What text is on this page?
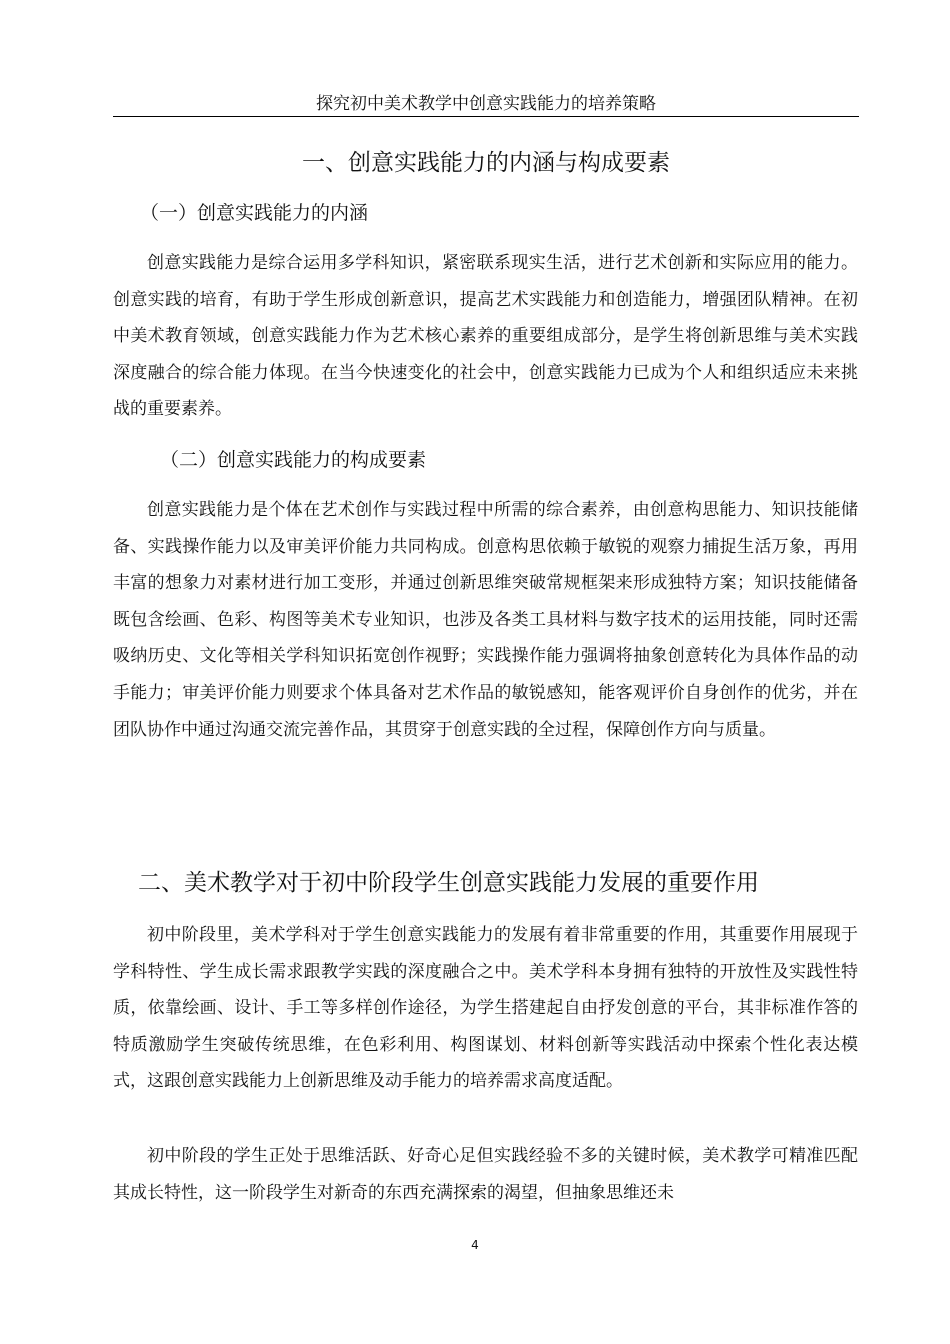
探究初中美术教学中创意实践能力的培养策略
一、创意实践能力的内涵与构成要素
（一）创意实践能力的内涵

创意实践能力是综合运用多学科知识，紧密联系现实生活，进行艺术创新和实际应用的能力。创意实践的培育，有助于学生形成创新意识，提高艺术实践能力和创造能力，增强团队精神。在初中美术教育领域，创意实践能力作为艺术核心素养的重要组成部分，是学生将创新思维与美术实践深度融合的综合能力体现。在当今快速变化的社会中，创意实践能力已成为个人和组织适应未来挑战的重要素养。

（二）创意实践能力的构成要素

创意实践能力是个体在艺术创作与实践过程中所需的综合素养，由创意构思能力、知识技能储备、实践操作能力以及审美评价能力共同构成。创意构思依赖于敏锐的观察力捕捉生活万象，再用丰富的想象力对素材进行加工变形，并通过创新思维突破常规框架来形成独特方案；知识技能储备既包含绘画、色彩、构图等美术专业知识，也涉及各类工具材料与数字技术的运用技能，同时还需吸纳历史、文化等相关学科知识拓宽创作视野；实践操作能力强调将抽象创意转化为具体作品的动手能力；审美评价能力则要求个体具备对艺术作品的敏锐感知，能客观评价自身创作的优劣，并在团队协作中通过沟通交流完善作品，其贯穿于创意实践的全过程，保障创作方向与质量。

二、美术教学对于初中阶段学生创意实践能力发展的重要作用

初中阶段里，美术学科对于学生创意实践能力的发展有着非常重要的作用，其重要作用展现于学科特性、学生成长需求跟教学实践的深度融合之中。美术学科本身拥有独特的开放性及实践性特质，依靠绘画、设计、手工等多样创作途径，为学生搭建起自由抒发创意的平台，其非标准作答的特质激励学生突破传统思维，在色彩利用、构图谋划、材料创新等实践活动中探索个性化表达模式，这跟创意实践能力上创新思维及动手能力的培养需求高度适配。

初中阶段的学生正处于思维活跃、好奇心足但实践经验不多的关键时候，美术教学可精准匹配其成长特性，这一阶段学生对新奇的东西充满探索的渴望，但抽象思维还未

4
